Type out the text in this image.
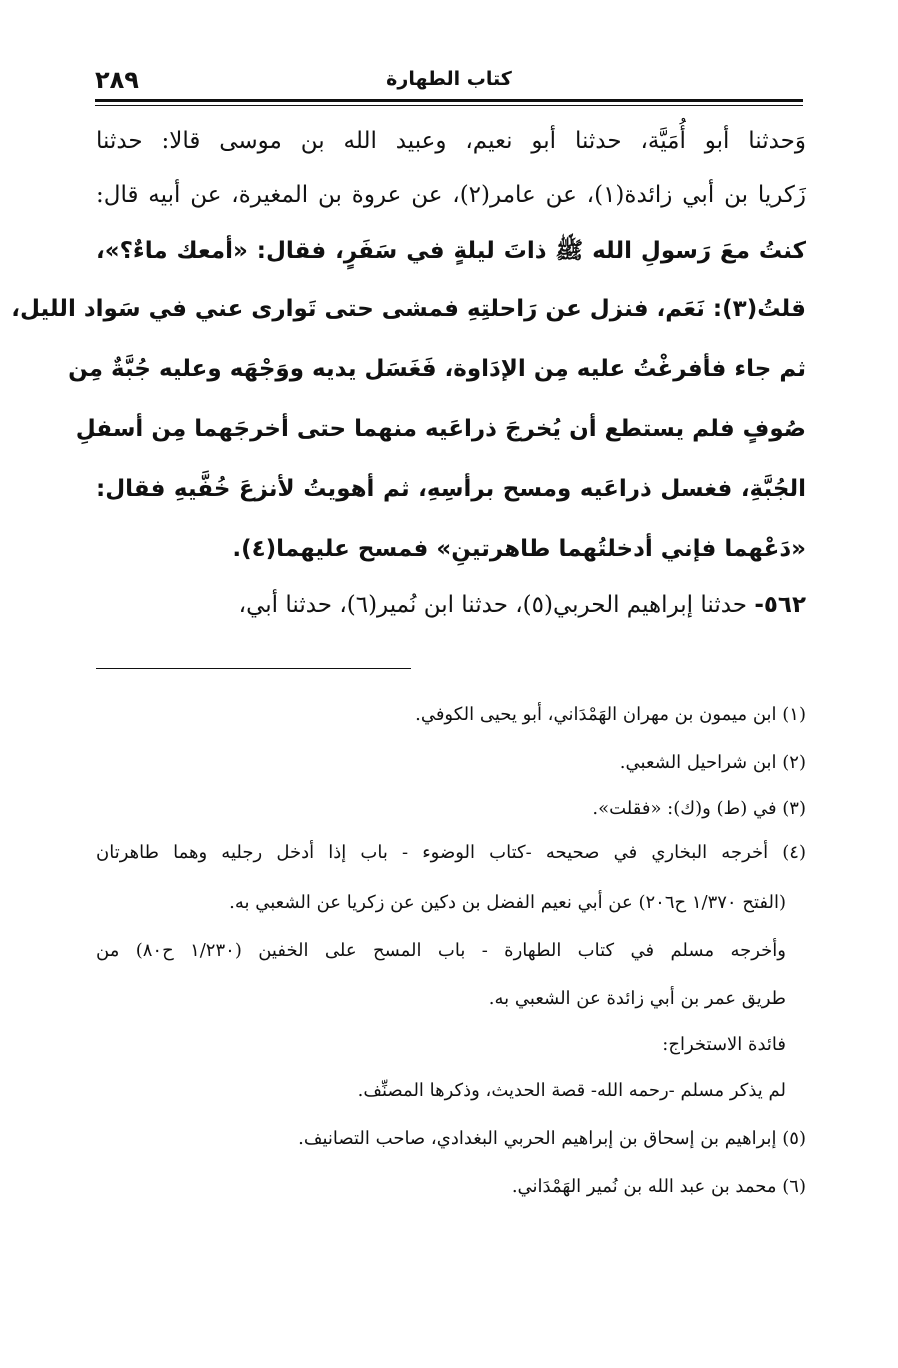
٢٨٩	كتاب الطهارة
وَحدثنا أبو أُمَيَّة، حدثنا أبو نعيم، وعبيد الله بن موسى قالا: حدثنا
زَكريا بن أبي زائدة(١)، عن عامر(٢)، عن عروة بن المغيرة، عن أبيه قال:
كنتُ معَ رَسولِ الله ﷺ ذاتَ ليلةٍ في سَفَرٍ، فقال: «أمعك ماءٌ؟»،
قلتُ(٣): نَعَم، فنزل عن رَاحلتِهِ فمشى حتى تَوارى عني في سَواد الليل،
ثم جاء فأفرغْتُ عليه مِن الإدَاوة، فَغَسَل يديه ووَجْهَه وعليه جُبَّةٌ مِن
صُوفٍ فلم يستطع أن يُخرجَ ذراعَيه منهما حتى أخرجَهما مِن أسفلِ
الجُبَّةِ، فغسل ذراعَيه ومسح برأسِهِ، ثم أهويتُ لأنزعَ خُفَّيهِ فقال:
«دَعْهما فإني أدخلتُهما طاهرتينِ» فمسح عليهما(٤).
٥٦٢- حدثنا إبراهيم الحربي(٥)، حدثنا ابن نُمير(٦)، حدثنا أبي،
(١) ابن ميمون بن مهران الهَمْدَاني، أبو يحيى الكوفي.
(٢) ابن شراحيل الشعبي.
(٣) في (ط) و(ك): «فقلت».
(٤) أخرجه البخاري في صحيحه -كتاب الوضوء - باب إذا أدخل رجليه وهما طاهرتان
(الفتح ١/٣٧٠ ح٢٠٦) عن أبي نعيم الفضل بن دكين عن زكريا عن الشعبي به.
وأخرجه مسلم في كتاب الطهارة - باب المسح على الخفين (١/٢٣٠ ح٨٠) من
طريق عمر بن أبي زائدة عن الشعبي به.
فائدة الاستخراج:
لم يذكر مسلم -رحمه الله- قصة الحديث، وذكرها المصنِّف.
(٥) إبراهيم بن إسحاق بن إبراهيم الحربي البغدادي، صاحب التصانيف.
(٦) محمد بن عبد الله بن نُمير الهَمْدَاني.
